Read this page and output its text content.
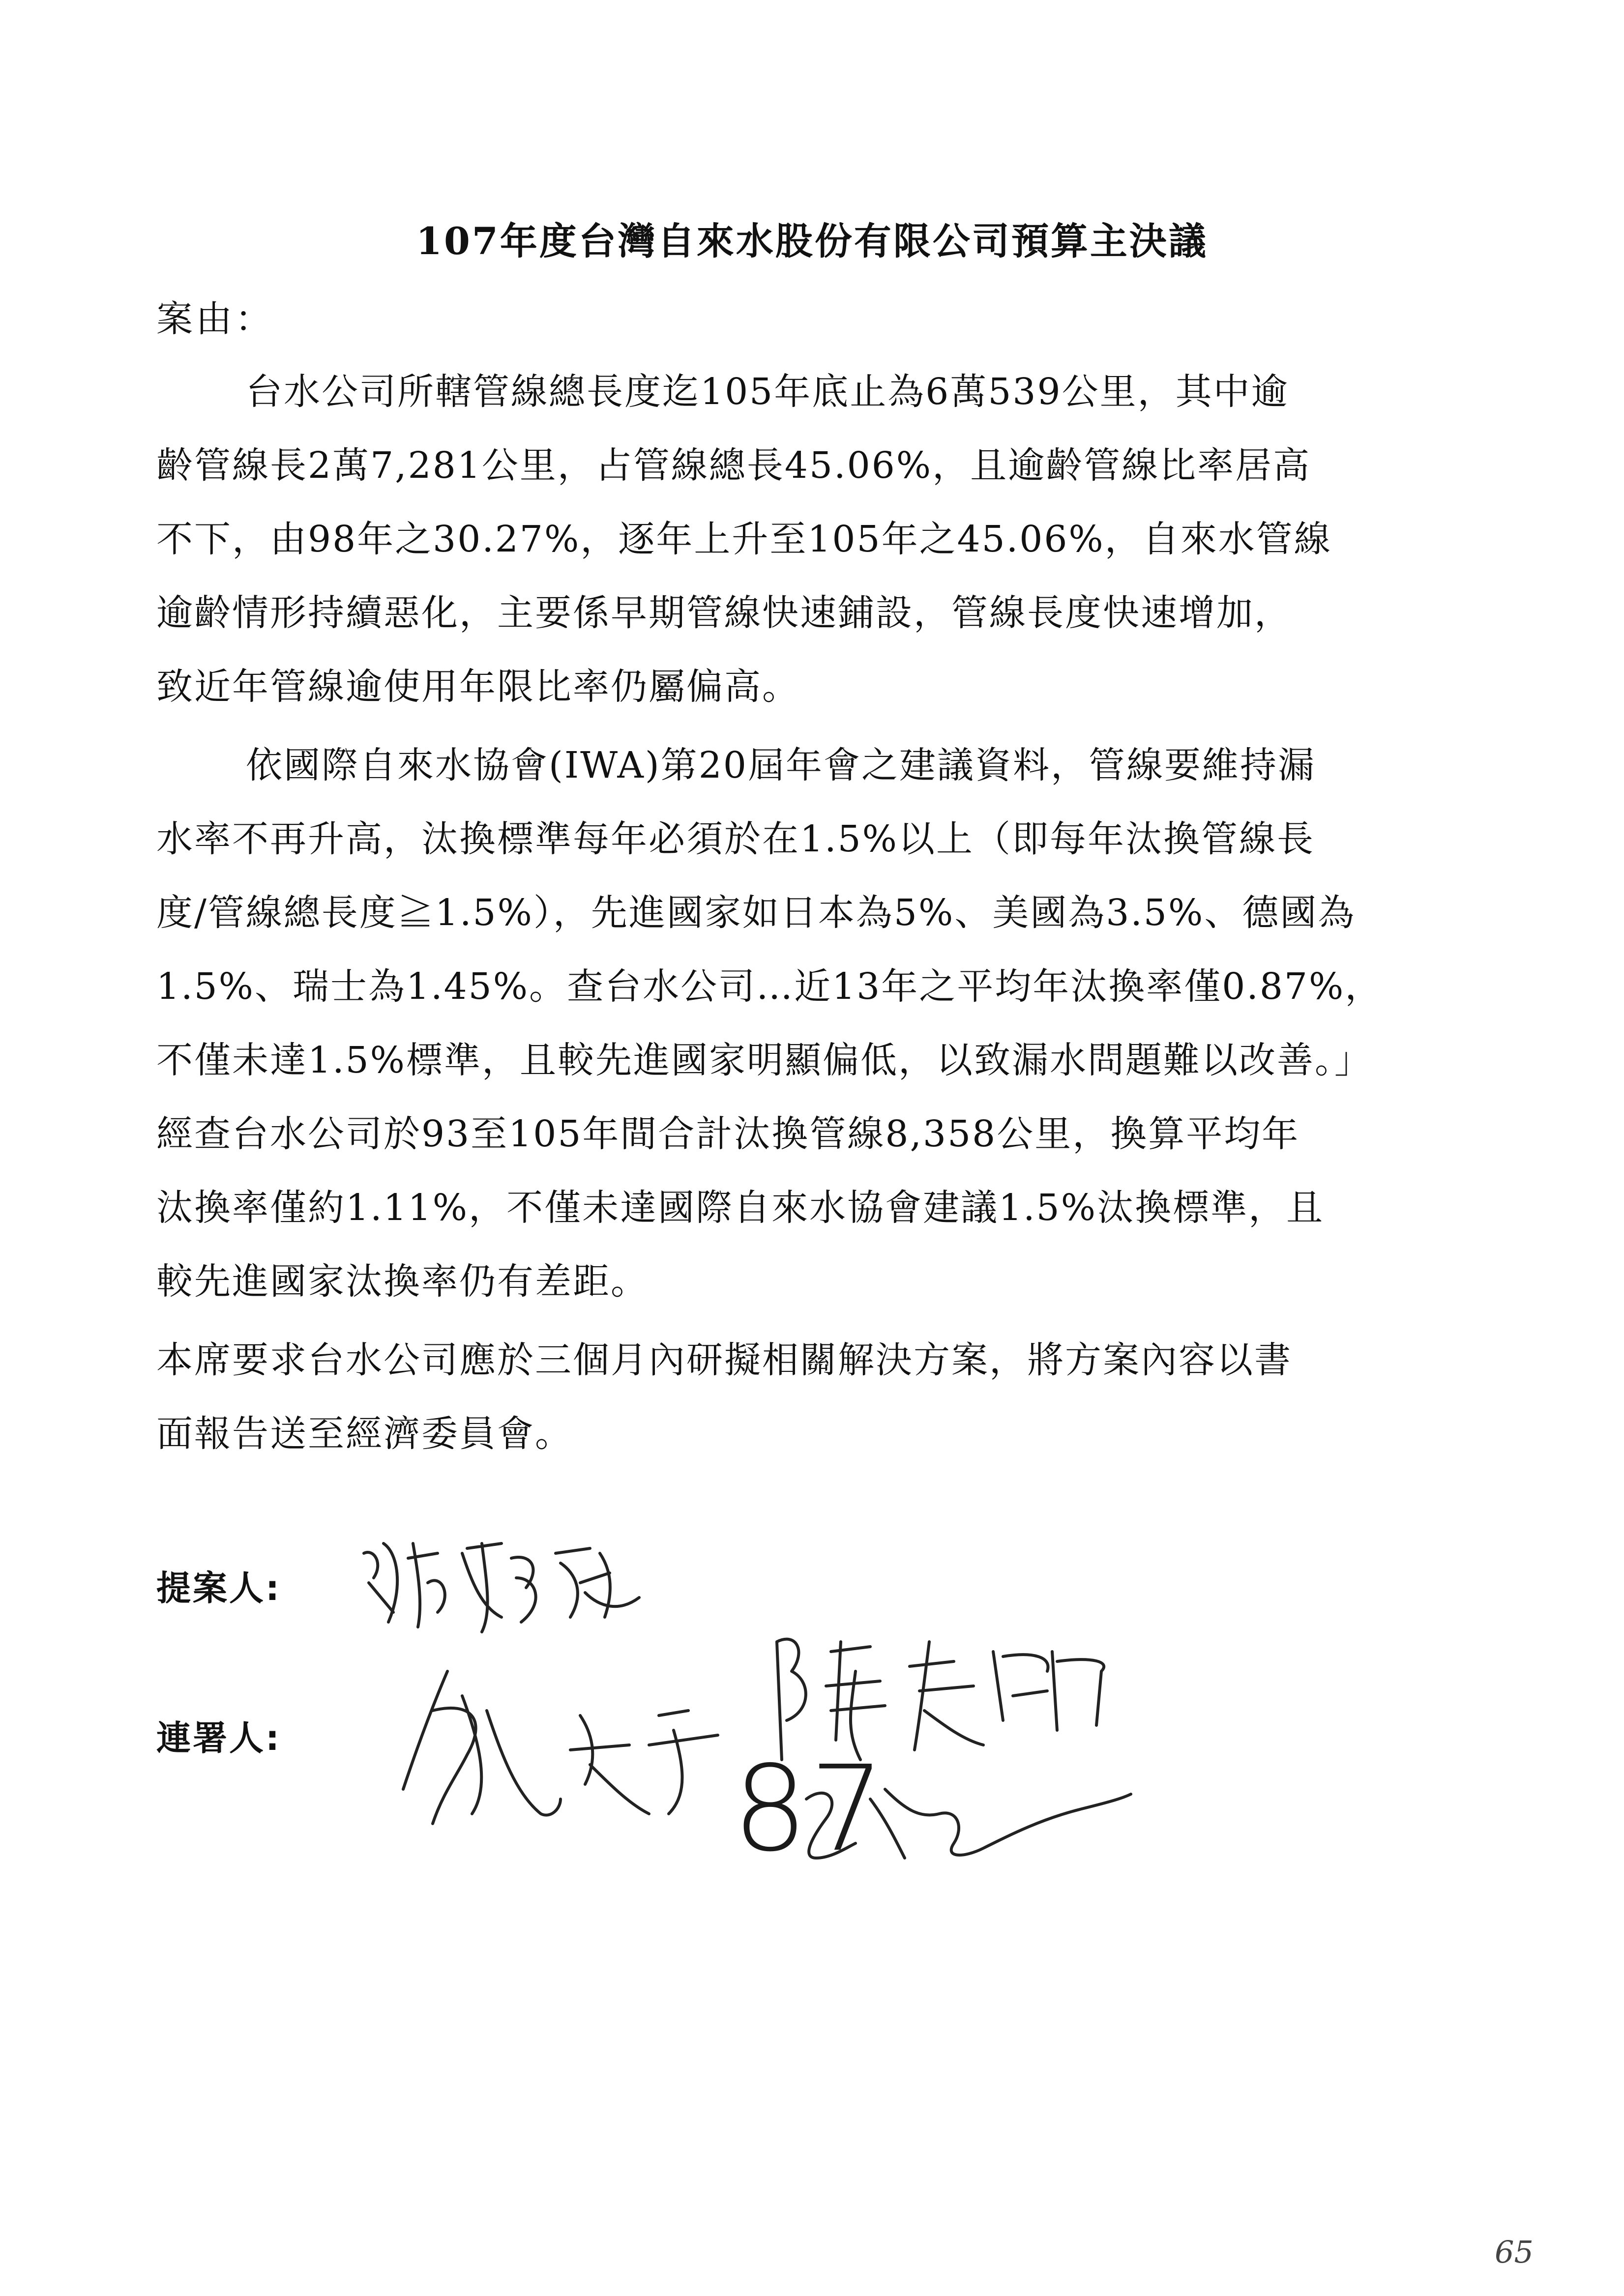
107年度台灣自來水股份有限公司預算主決議
案由：
台水公司所轄管線總長度迄105年底止為6萬539公里，其中逾
齡管線長2萬7,281公里，占管線總長45.06%，且逾齡管線比率居高
不下，由98年之30.27%，逐年上升至105年之45.06%，自來水管線
逾齡情形持續惡化，主要係早期管線快速鋪設，管線長度快速增加，
致近年管線逾使用年限比率仍屬偏高。
依國際自來水協會(IWA)第20屆年會之建議資料，管線要維持漏
水率不再升高，汰換標準每年必須於在1.5%以上（即每年汰換管線長
度/管線總長度≧1.5%），先進國家如日本為5%、美國為3.5%、德國為
1.5%、瑞士為1.45%。查台水公司…近13年之平均年汰換率僅0.87%，
不僅未達1.5%標準，且較先進國家明顯偏低，以致漏水問題難以改善。」
經查台水公司於93至105年間合計汰換管線8,358公里，換算平均年
汰換率僅約1.11%，不僅未達國際自來水協會建議1.5%汰換標準，且
較先進國家汰換率仍有差距。
本席要求台水公司應於三個月內研擬相關解決方案，將方案內容以書
面報告送至經濟委員會。
提案人:
連署人:
87
65
